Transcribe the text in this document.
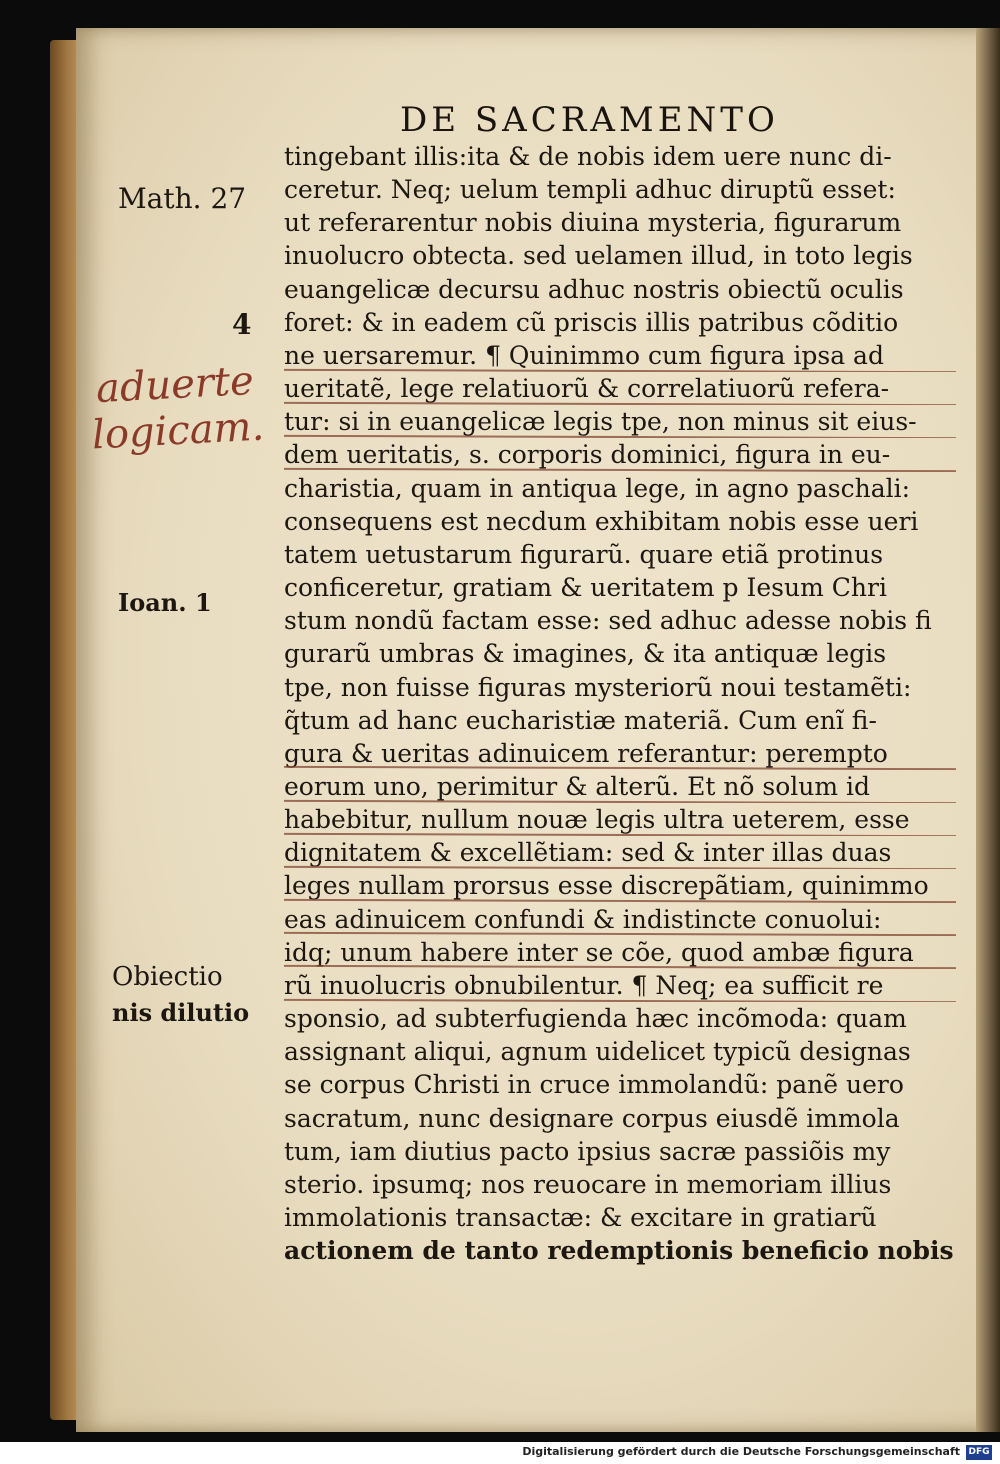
DE SACRAMENTO
Math. 27
4
aduerte
logicam.
Ioan. 1
Obiectio
nis dilutio
tingebant illis:ita & de nobis idem uere nunc di-
ceretur. Neq; uelum templi adhuc diruptũ esset:
ut referarentur nobis diuina mysteria, figurarum
inuolucro obtecta. sed uelamen illud, in toto legis
euangelicæ decursu adhuc nostris obiectũ oculis
foret: & in eadem cũ priscis illis patribus cõditio
ne uersaremur. ¶ Quinimmo cum figura ipsa ad
ueritatẽ, lege relatiuorũ & correlatiuorũ refera-
tur: si in euangelicæ legis tpe, non minus sit eius-
dem ueritatis, s. corporis dominici, figura in eu-
charistia, quam in antiqua lege, in agno paschali:
consequens est necdum exhibitam nobis esse ueri
tatem uetustarum figurarũ. quare etiã protinus
conficeretur, gratiam & ueritatem p Iesum Chri
stum nondũ factam esse: sed adhuc adesse nobis fi
gurarũ umbras & imagines, & ita antiquæ legis
tpe, non fuisse figuras mysteriorũ noui testamẽti:
q̃tum ad hanc eucharistiæ materiã. Cum enĩ fi-
gura & ueritas adinuicem referantur: perempto
eorum uno, perimitur & alterũ. Et nõ solum id
habebitur, nullum nouæ legis ultra ueterem, esse
dignitatem & excellẽtiam: sed & inter illas duas
leges nullam prorsus esse discrepãtiam, quinimmo
eas adinuicem confundi & indistincte conuolui:
idq; unum habere inter se cõe, quod ambæ figura
rũ inuolucris obnubilentur. ¶ Neq; ea sufficit re
sponsio, ad subterfugienda hæc incõmoda: quam
assignant aliqui, agnum uidelicet typicũ designas
se corpus Christi in cruce immolandũ: panẽ uero
sacratum, nunc designare corpus eiusdẽ immola
tum, iam diutius pacto ipsius sacræ passiõis my
sterio. ipsumq; nos reuocare in memoriam illius
immolationis transactæ: & excitare in gratiarũ
actionem de tanto redemptionis beneficio nobis
Digitalisierung gefördert durch die Deutsche Forschungsgemeinschaft DFG
